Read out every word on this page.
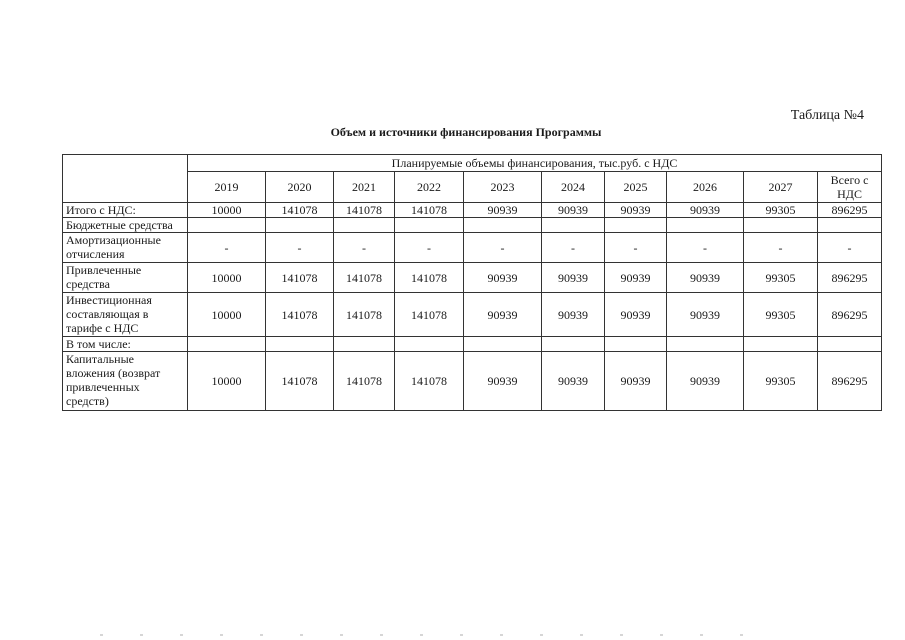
Таблица №4
Объем и источники финансирования Программы
	Планируемые объемы финансирования, тыс.руб. с НДС									
	2019	2020	2021	2022	2023	2024	2025	2026	2027	Всего с НДС
Итого с НДС:	10000	141078	141078	141078	90939	90939	90939	90939	99305	896295
Бюджетные средства										
Амортизационные отчисления	-	-	-	-	-	-	-	-	-	-
Привлеченные средства	10000	141078	141078	141078	90939	90939	90939	90939	99305	896295
Инвестиционная составляющая в тарифе с НДС	10000	141078	141078	141078	90939	90939	90939	90939	99305	896295
В том числе:										
Капитальные вложения (возврат привлеченных средств)	10000	141078	141078	141078	90939	90939	90939	90939	99305	896295
